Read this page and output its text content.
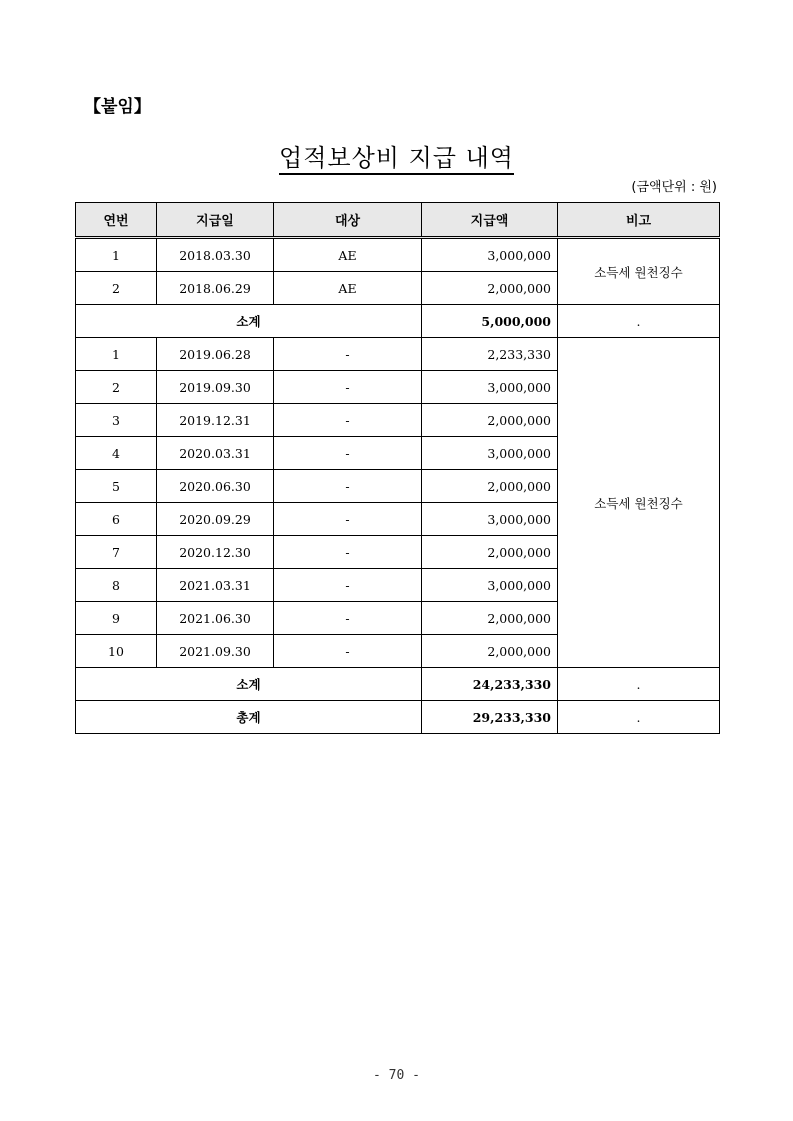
【붙임】
업적보상비 지급 내역
(금액단위 : 원)
연번	지급일	대상	지급액	비고
1	2018.03.30	AE	3,000,000	소득세 원천징수
2	2018.06.29	AE	2,000,000	
소계			5,000,000	.
1	2019.06.28	-	2,233,330	소득세 원천징수
2	2019.09.30	-	3,000,000	
3	2019.12.31	-	2,000,000	
4	2020.03.31	-	3,000,000	
5	2020.06.30	-	2,000,000	
6	2020.09.29	-	3,000,000	
7	2020.12.30	-	2,000,000	
8	2021.03.31	-	3,000,000	
9	2021.06.30	-	2,000,000	
10	2021.09.30	-	2,000,000	
소계			24,233,330	.
총계			29,233,330	.
- 70 -
